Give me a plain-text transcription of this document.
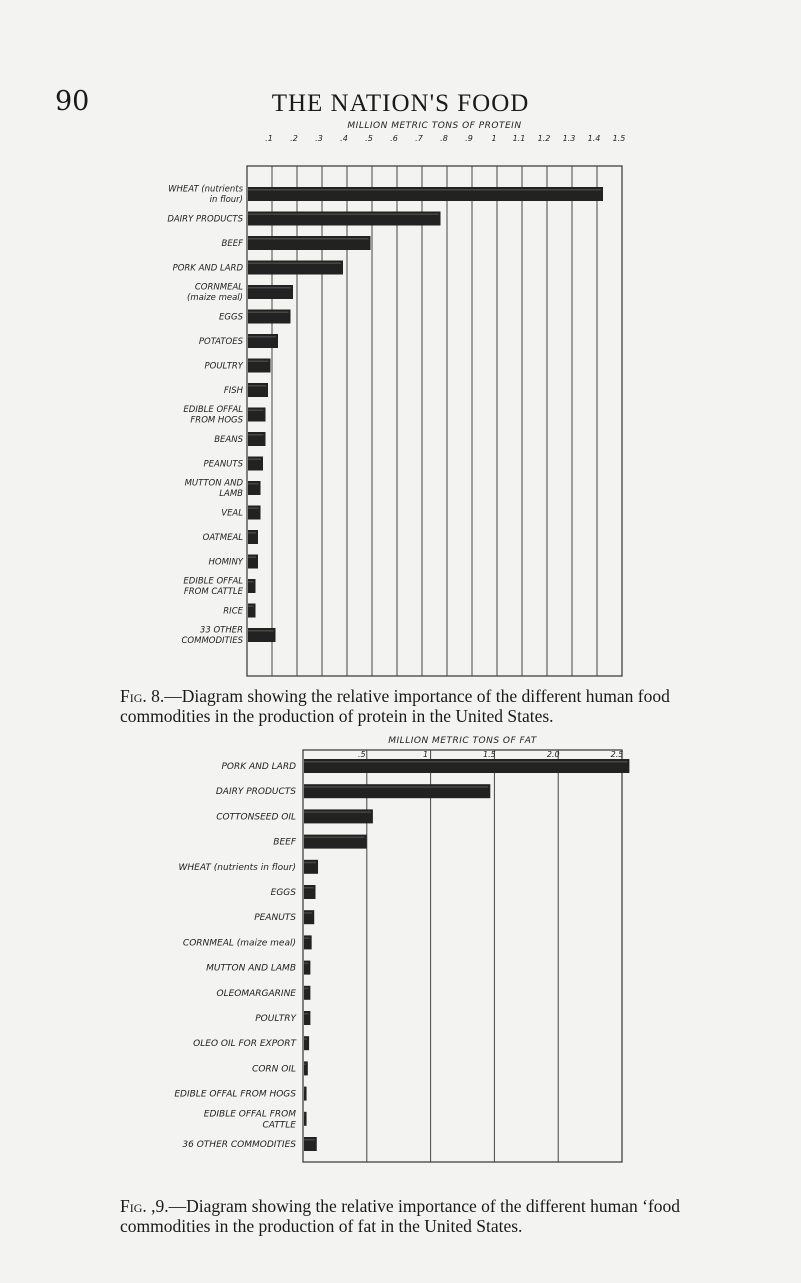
90	THE NATION'S FOOD
MILLION METRIC TONS OF PROTEIN
.1 .2 .3 .4 .5 .6 .7 .8 .9 1 1.1 1.2 1.3 1.4 1.5
WHEAT (nutrients in flour)
DAIRY PRODUCTS
BEEF
PORK AND LARD
CORNMEAL (maize meal)
EGGS
POTATOES
POULTRY
FISH
EDIBLE OFFAL FROM HOGS
BEANS
PEANUTS
MUTTON AND LAMB
VEAL
OATMEAL
HOMINY
EDIBLE OFFAL FROM CATTLE
RICE
33 OTHER COMMODITIES
MILLION METRIC TONS OF FAT
.5	1	1.5	2.0	2.5
PORK AND LARD
DAIRY PRODUCTS
COTTONSEED OIL
BEEF
WHEAT (nutrients in flour)
EGGS
PEANUTS
CORNMEAL (maize meal)
MUTTON AND LAMB
OLEOMARGARINE
POULTRY
OLEO OIL FOR EXPORT
CORN OIL
EDIBLE OFFAL FROM HOGS
EDIBLE OFFAL FROM CATTLE
36 OTHER COMMODITIES
Fig. 8.—Diagram showing the relative importance of the different human food commodities in the production of protein in the United States.
Fig. ,9.—Diagram showing the relative importance of the different human ‘food commodities in the production of fat in the United States.
